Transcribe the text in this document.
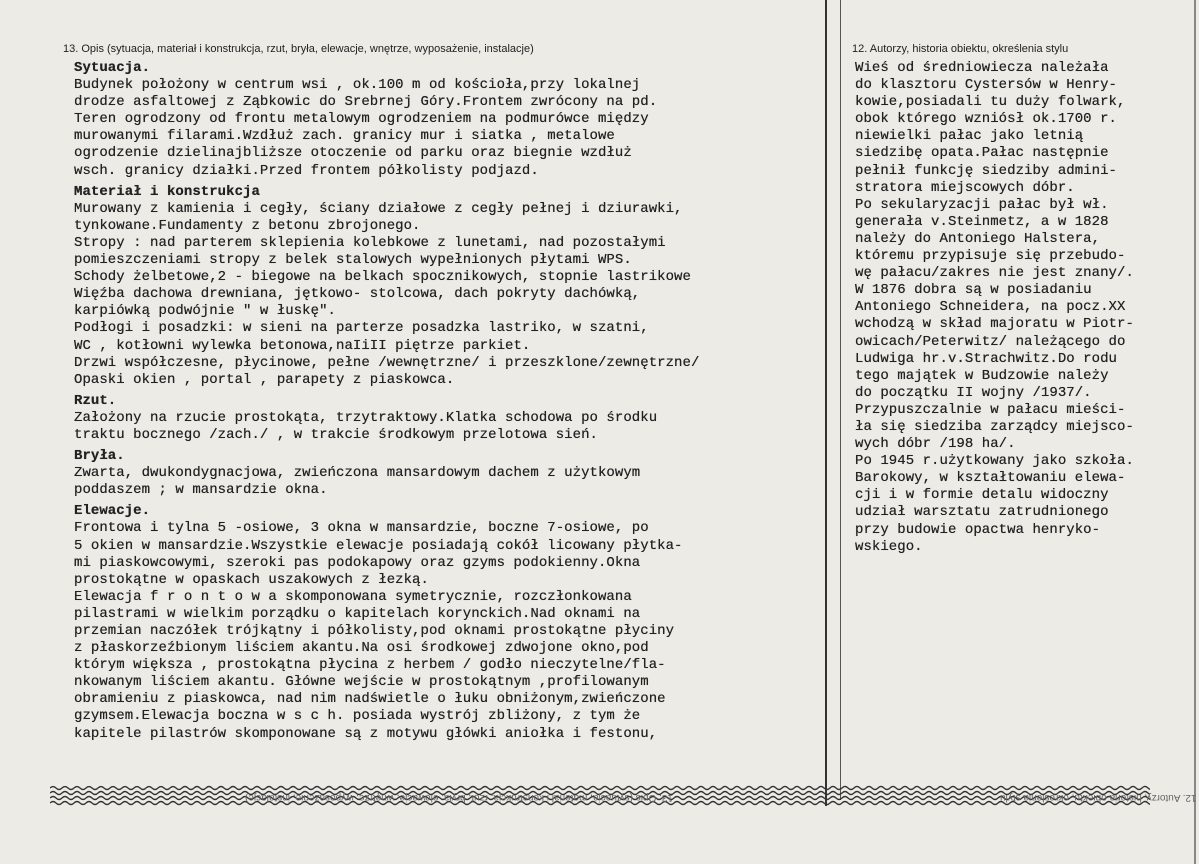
13. Opis (sytuacja, materiał i konstrukcja, rzut, bryła, elewacje, wnętrze, wyposażenie, instalacje)	12. Autorzy, historia obiektu, określenia stylu
Sytuacja.
Budynek położony w centrum wsi , ok.100 m od kościoła,przy lokalnej
drodze asfaltowej z Ząbkowic do Srebrnej Góry.Frontem zwrócony na pd.
Teren ogrodzony od frontu metalowym ogrodzeniem na podmurówce między
murowanymi filarami.Wzdłuż zach. granicy mur i siatka , metalowe
ogrodzenie dzielinajbliższe otoczenie od parku oraz biegnie wzdłuż
wsch. granicy działki.Przed frontem półkolisty podjazd.
Materiał i konstrukcja
Murowany z kamienia i cegły, ściany działowe z cegły pełnej i dziurawki,
tynkowane.Fundamenty z betonu zbrojonego.
Stropy : nad parterem sklepienia kolebkowe z lunetami, nad pozostałymi
pomieszczeniami stropy z belek stalowych wypełnionych płytami WPS.
Schody żelbetowe,2 - biegowe na belkach spocznikowych, stopnie lastrikowe
Więźba dachowa drewniana, jętkowo- stolcowa, dach pokryty dachówką,
karpiówką podwójnie " w łuskę".
Podłogi i posadzki: w sieni na parterze posadzka lastriko, w szatni,
WC , kotłowni wylewka betonowa,naIiII piętrze parkiet.
Drzwi współczesne, płycinowe, pełne /wewnętrzne/ i przeszklone/zewnętrzne/
Opaski okien , portal , parapety z piaskowca.
Rzut.
Założony na rzucie prostokąta, trzytraktowy.Klatka schodowa po środku
traktu bocznego /zach./ , w trakcie środkowym przelotowa sień.
Bryła.
Zwarta, dwukondygnacjowa, zwieńczona mansardowym dachem z użytkowym
poddaszem ; w mansardzie okna.
Elewacje.
Frontowa i tylna 5 -osiowe, 3 okna w mansardzie, boczne 7-osiowe, po
5 okien w mansardzie.Wszystkie elewacje posiadają cokół licowany płytka-
mi piaskowcowymi, szeroki pas podokapowy oraz gzyms podokienny.Okna
prostokątne w opaskach uszakowych z łezką.
Elewacja f r o n t o w a skomponowana symetrycznie, rozczłonkowana
pilastrami w wielkim porządku o kapitelach korynckich.Nad oknami na
przemian naczółek trójkątny i półkolisty,pod oknami prostokątne płyciny
z płaskorzeźbionym liściem akantu.Na osi środkowej zdwojone okno,pod
którym większa , prostokątna płycina z herbem / godło nieczytelne/fla-
nkowanym liściem akantu. Główne wejście w prostokątnym ,profilowanym
obramieniu z piaskowca, nad nim nadświetle o łuku obniżonym,zwieńczone
gzymsem.Elewacja boczna w s c h. posiada wystrój zbliżony, z tym że
kapitele pilastrów skomponowane są z motywu główki aniołka i festonu,
Wieś od średniowiecza należała
do klasztoru Cystersów w Henry-
kowie,posiadali tu duży folwark,
obok którego wzniósł ok.1700 r.
niewielki pałac jako letnią
siedzibę opata.Pałac następnie
pełnił funkcję siedziby admini-
stratora miejscowych dóbr.
Po sekularyzacji pałac był wł.
generała v.Steinmetz, a w 1828
należy do Antoniego Halstera,
któremu przypisuje się przebudo-
wę pałacu/zakres nie jest znany/.
W 1876 dobra są w posiadaniu
Antoniego Schneidera, na pocz.XX
wchodzą w skład majoratu w Piotr-
owicach/Peterwitz/ należącego do
Ludwiga hr.v.Strachwitz.Do rodu
tego majątek w Budzowie należy
do początku II wojny /1937/.
Przypuszczalnie w pałacu mieści-
ła się siedziba zarządcy miejsco-
wych dóbr /198 ha/.
Po 1945 r.użytkowany jako szkoła.
Barokowy, w kształtowaniu elewa-
cji i w formie detalu widoczny
udział warsztatu zatrudnionego
przy budowie opactwa henryko-
wskiego.
13. Opis (sytuacja, materiał i konstrukcja, rzut, bryła, elewacje, wnętrze, wyposażenie, instalacje)	12. Autorzy, historia obiektu, określenia stylu
